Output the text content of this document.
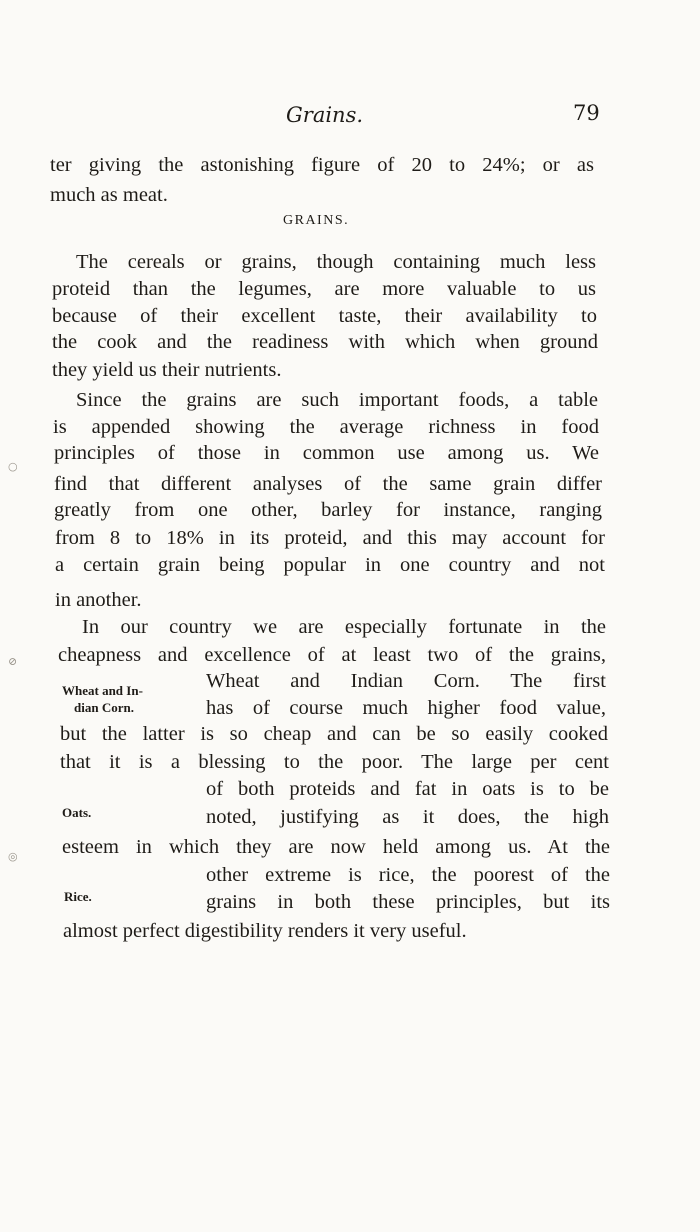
○
⊘
◎
Grains.	79
ter giving the astonishing figure of 20 to 24%; or as
much as meat.
GRAINS.
The cereals or grains, though containing much less
proteid than the legumes, are more valuable to us
because of their excellent taste, their availability to
the cook and the readiness with which when ground
they yield us their nutrients.
Since the grains are such important foods, a table
is appended showing the average richness in food
principles of those in common use among us. We
find that different analyses of the same grain differ
greatly from one other, barley for instance, ranging
from 8 to 18% in its proteid, and this may account for
a certain grain being popular in one country and not
in another.
In our country we are especially fortunate in the
cheapness and excellence of at least two of the grains,
Wheat and Indian Corn. The first
has of course much higher food value,
but the latter is so cheap and can be so easily cooked
that it is a blessing to the poor. The large per cent
of both proteids and fat in oats is to be
noted, justifying as it does, the high
esteem in which they are now held among us. At the
other extreme is rice, the poorest of the
grains in both these principles, but its
almost perfect digestibility renders it very useful.
Wheat and In-
dian Corn.
Oats.
Rice.
